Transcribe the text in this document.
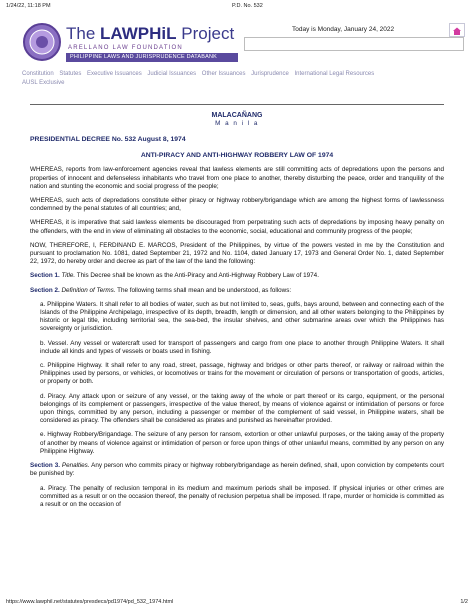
1/24/22, 11:18 PM	P.D. No. 532
The LAWPHiL Project
ARELLANO LAW FOUNDATION
PHILIPPINE LAWS AND JURISPRUDENCE DATABANK
Today is Monday, January 24, 2022
Constitution Statutes Executive Issuances Judicial Issuances Other Issuances Jurisprudence International Legal Resources
AUSL Exclusive
MALACAÑANG
M a n i l a
PRESIDENTIAL DECREE No. 532 August 8, 1974
ANTI-PIRACY AND ANTI-HIGHWAY ROBBERY LAW OF 1974

WHEREAS, reports from law-enforcement agencies reveal that lawless elements are still committing acts of depredations upon the persons and properties of innocent and defenseless inhabitants who travel from one place to another, thereby disturbing the peace, order and tranquility of the nation and stunting the economic and social progress of the people;

WHEREAS, such acts of depredations constitute either piracy or highway robbery/brigandage which are among the highest forms of lawlessness condemned by the penal statutes of all countries; and,

WHEREAS, it is imperative that said lawless elements be discouraged from perpetrating such acts of depredations by imposing heavy penalty on the offenders, with the end in view of eliminating all obstacles to the economic, social, educational and community progress of the people;

NOW, THEREFORE, I, FERDINAND E. MARCOS, President of the Philippines, by virtue of the powers vested in me by the Constitution and pursuant to proclamation No. 1081, dated September 21, 1972 and No. 1104, dated January 17, 1973 and General Order No. 1, dated September 22, 1972, do hereby order and decree as part of the law of the land the following:

Section 1. Title. This Decree shall be known as the Anti-Piracy and Anti-Highway Robbery Law of 1974.

Section 2. Definition of Terms. The following terms shall mean and be understood, as follows:

a. Philippine Waters. It shall refer to all bodies of water, such as but not limited to, seas, gulfs, bays around, between and connecting each of the Islands of the Philippine Archipelago, irrespective of its depth, breadth, length or dimension, and all other waters belonging to the Philippines by historic or legal title, including territorial sea, the sea-bed, the insular shelves, and other submarine areas over which the Philippines has sovereignty or jurisdiction.

b. Vessel. Any vessel or watercraft used for transport of passengers and cargo from one place to another through Philippine Waters. It shall include all kinds and types of vessels or boats used in fishing.

c. Philippine Highway. It shall refer to any road, street, passage, highway and bridges or other parts thereof, or railway or railroad within the Philippines used by persons, or vehicles, or locomotives or trains for the movement or circulation of persons or transportation of goods, articles, or property or both.

d. Piracy. Any attack upon or seizure of any vessel, or the taking away of the whole or part thereof or its cargo, equipment, or the personal belongings of its complement or passengers, irrespective of the value thereof, by means of violence against or intimidation of persons or force upon things, committed by any person, including a passenger or member of the complement of said vessel, in Philippine waters, shall be considered as piracy. The offenders shall be considered as pirates and punished as hereinafter provided.

e. Highway Robbery/Brigandage. The seizure of any person for ransom, extortion or other unlawful purposes, or the taking away of the property of another by means of violence against or intimidation of person or force upon things of other unlawful means, committed by any person on any Philippine Highway.

Section 3. Penalties. Any person who commits piracy or highway robbery/brigandage as herein defined, shall, upon conviction by competents court be punished by:

a. Piracy. The penalty of reclusion temporal in its medium and maximum periods shall be imposed. If physical injuries or other crimes are committed as a result or on the occasion thereof, the penalty of reclusion perpetua shall be imposed. If rape, murder or homicide is committed as a result or on the occasion of

https://www.lawphil.net/statutes/presdecs/pd1974/pd_532_1974.html	1/2
